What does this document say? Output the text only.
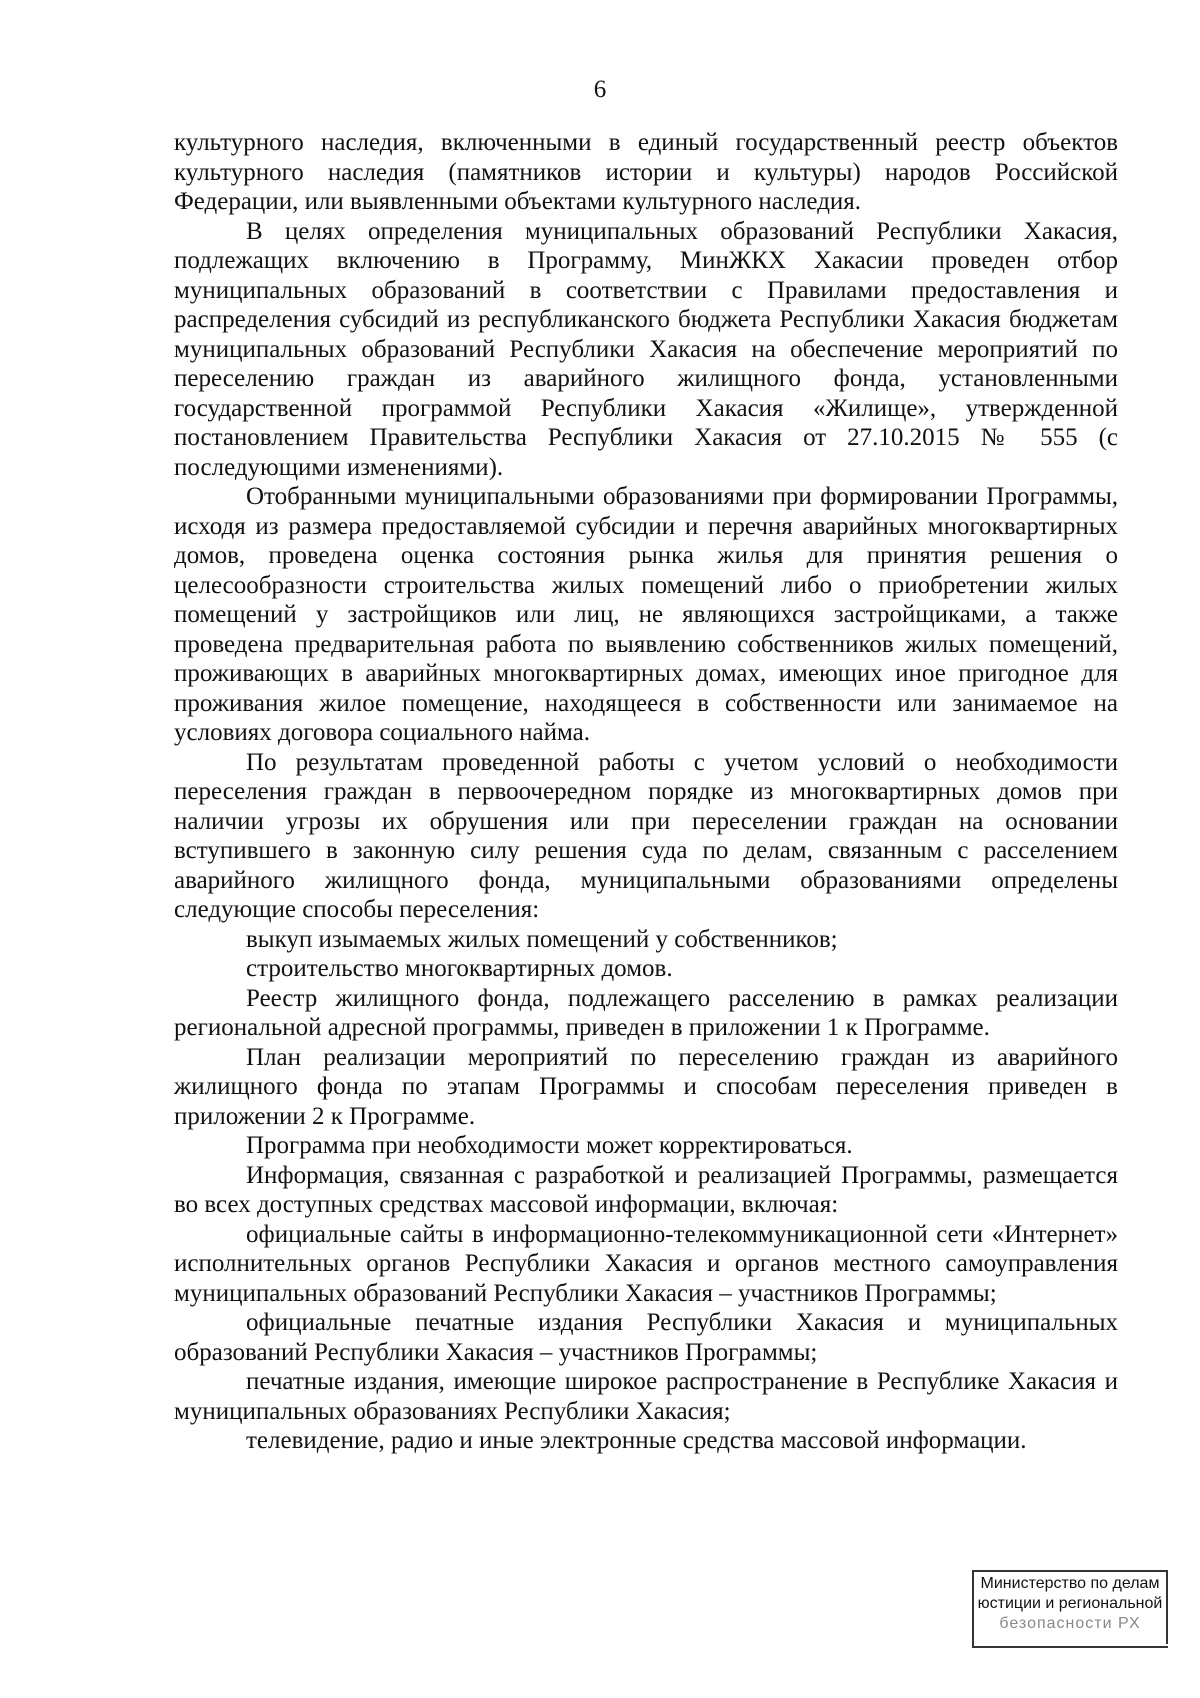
6

культурного наследия, включенными в единый государственный реестр объектов культурного наследия (памятников истории и культуры) народов Российской Федерации, или выявленными объектами культурного наследия.

В целях определения муниципальных образований Республики Хакасия, подлежащих включению в Программу, МинЖКХ Хакасии проведен отбор муниципальных образований в соответствии с Правилами предоставления и распределения субсидий из республиканского бюджета Республики Хакасия бюджетам муниципальных образований Республики Хакасия на обеспечение мероприятий по переселению граждан из аварийного жилищного фонда, установленными государственной программой Республики Хакасия «Жилище», утвержденной постановлением Правительства Республики Хакасия от 27.10.2015 № 555 (с последующими изменениями).

Отобранными муниципальными образованиями при формировании Программы, исходя из размера предоставляемой субсидии и перечня аварийных многоквартирных домов, проведена оценка состояния рынка жилья для принятия решения о целесообразности строительства жилых помещений либо о приобретении жилых помещений у застройщиков или лиц, не являющихся застройщиками, а также проведена предварительная работа по выявлению собственников жилых помещений, проживающих в аварийных многоквартирных домах, имеющих иное пригодное для проживания жилое помещение, находящееся в собственности или занимаемое на условиях договора социального найма.

По результатам проведенной работы с учетом условий о необходимости переселения граждан в первоочередном порядке из многоквартирных домов при наличии угрозы их обрушения или при переселении граждан на основании вступившего в законную силу решения суда по делам, связанным с расселением аварийного жилищного фонда, муниципальными образованиями определены следующие способы переселения:

выкуп изымаемых жилых помещений у собственников;

строительство многоквартирных домов.

Реестр жилищного фонда, подлежащего расселению в рамках реализации региональной адресной программы, приведен в приложении 1 к Программе.

План реализации мероприятий по переселению граждан из аварийного жилищного фонда по этапам Программы и способам переселения приведен в приложении 2 к Программе.

Программа при необходимости может корректироваться.

Информация, связанная с разработкой и реализацией Программы, размещается во всех доступных средствах массовой информации, включая:

официальные сайты в информационно-телекоммуникационной сети «Интернет» исполнительных органов Республики Хакасия и органов местного самоуправления муниципальных образований Республики Хакасия – участников Программы;

официальные печатные издания Республики Хакасия и муниципальных образований Республики Хакасия – участников Программы;

печатные издания, имеющие широкое распространение в Республике Хакасия и муниципальных образованиях Республики Хакасия;

телевидение, радио и иные электронные средства массовой информации.

Министерство по делам
юстиции и региональной
безопасности РХ
